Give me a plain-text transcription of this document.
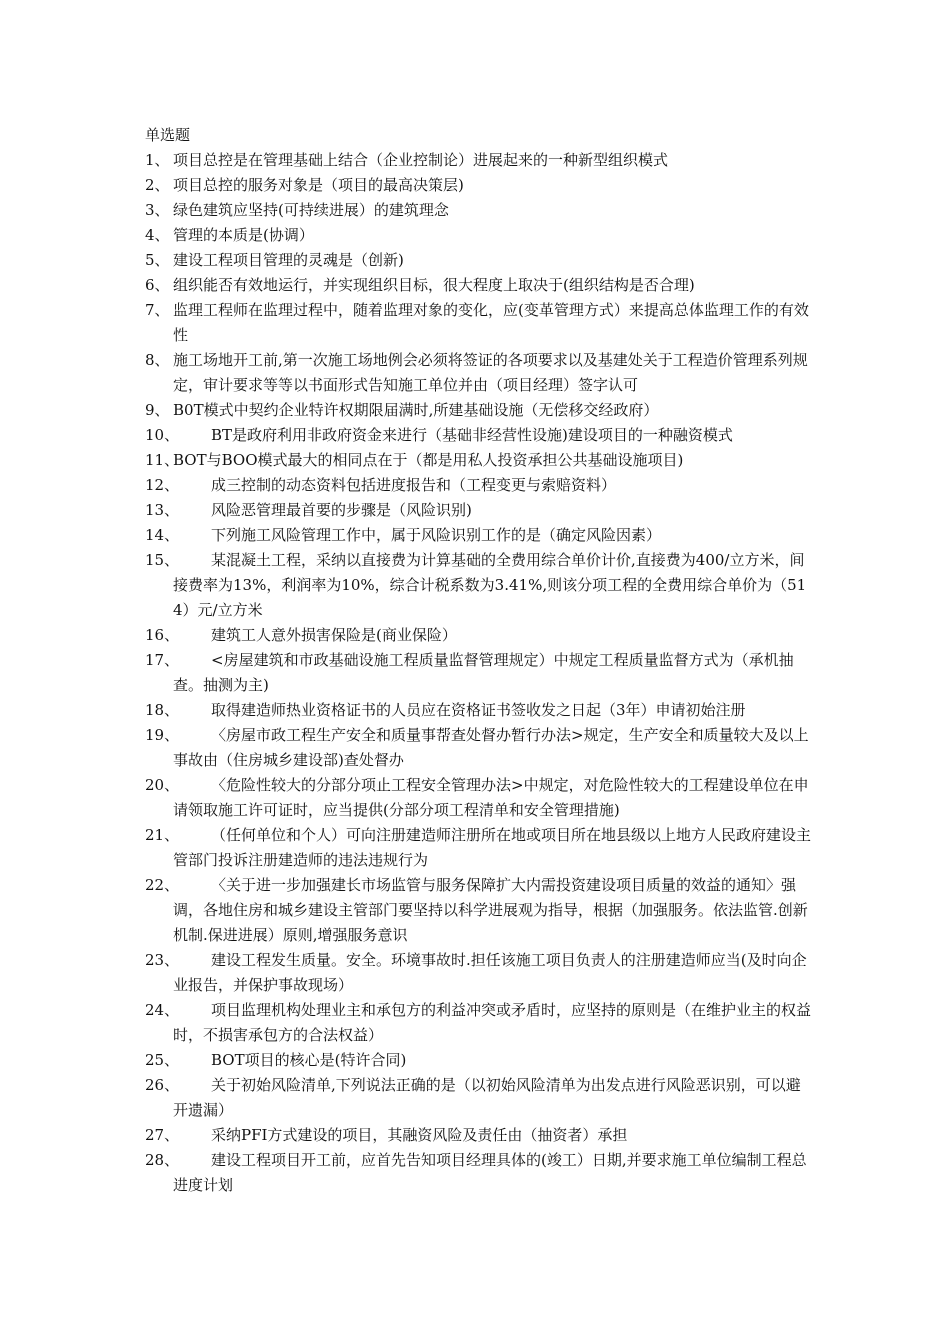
单选题
1、 项目总控是在管理基础上结合（企业控制论）进展起来的一种新型组织模式
2、 项目总控的服务对象是（项目的最高决策层)
3、 绿色建筑应坚持(可持续进展）的建筑理念
4、 管理的本质是(协调）
5、 建设工程项目管理的灵魂是（创新)
6、 组织能否有效地运行，并实现组织目标，很大程度上取决于(组织结构是否合理)
7、 监理工程师在监理过程中，随着监理对象的变化，应(变革管理方式）来提高总体监理工作的有效性
8、 施工场地开工前,第一次施工场地例会必须将签证的各项要求以及基建处关于工程造价管理系列规定，审计要求等等以书面形式告知施工单位并由（项目经理）签字认可
9、 B0T模式中契约企业特许权期限届满时,所建基础设施（无偿移交经政府）
10、	BT是政府利用非政府资金来进行（基础非经营性设施)建设项目的一种融资模式
11、
BOT与BOO模式最大的相同点在于（都是用私人投资承担公共基础设施项目)
12、	成三控制的动态资料包括进度报告和（工程变更与索赔资料）
13、	风险恶管理最首要的步骤是（风险识别)
14、	下列施工风险管理工作中，属于风险识别工作的是（确定风险因素）
15、	某混凝土工程，采纳以直接费为计算基础的全费用综合单价计价,直接费为400/立方米，间接费率为13%，利润率为10%，综合计税系数为3.41%,则该分项工程的全费用综合单价为（514）元/立方米
16、	建筑工人意外损害保险是(商业保险）
17、	<房屋建筑和市政基础设施工程质量监督管理规定）中规定工程质量监督方式为（承机抽查。抽测为主)
18、	取得建造师热业资格证书的人员应在资格证书签收发之日起（3年）申请初始注册
19、	〈房屋市政工程生产安全和质量事帮查处督办暂行办法>规定，生产安全和质量较大及以上事故由（住房城乡建设部)查处督办
20、	〈危险性较大的分部分项止工程安全管理办法>中规定，对危险性较大的工程建设单位在申请领取施工许可证时，应当提供(分部分项工程清单和安全管理措施)
21、	（任何单位和个人）可向注册建造师注册所在地或项目所在地县级以上地方人民政府建设主管部门投诉注册建造师的违法违规行为
22、	〈关于进一步加强建长市场监管与服务保障扩大内需投资建设项目质量的效益的通知〉强调，各地住房和城乡建设主管部门要坚持以科学进展观为指导，根据（加强服务。依法监管.创新机制.保进进展）原则,增强服务意识
23、	建设工程发生质量。安全。环境事故时.担任该施工项目负责人的注册建造师应当(及时向企业报告，并保护事故现场）
24、	项目监理机构处理业主和承包方的利益冲突或矛盾时，应坚持的原则是（在维护业主的权益时，不损害承包方的合法权益）
25、	BOT项目的核心是(特许合同)
26、	关于初始风险清单,下列说法正确的是（以初始风险清单为出发点进行风险恶识别，可以避开遗漏）
27、	采纳PFI方式建设的项目，其融资风险及责任由（抽资者）承担
28、	建设工程项目开工前，应首先告知项目经理具体的(竣工）日期,并要求施工单位编制工程总进度计划
